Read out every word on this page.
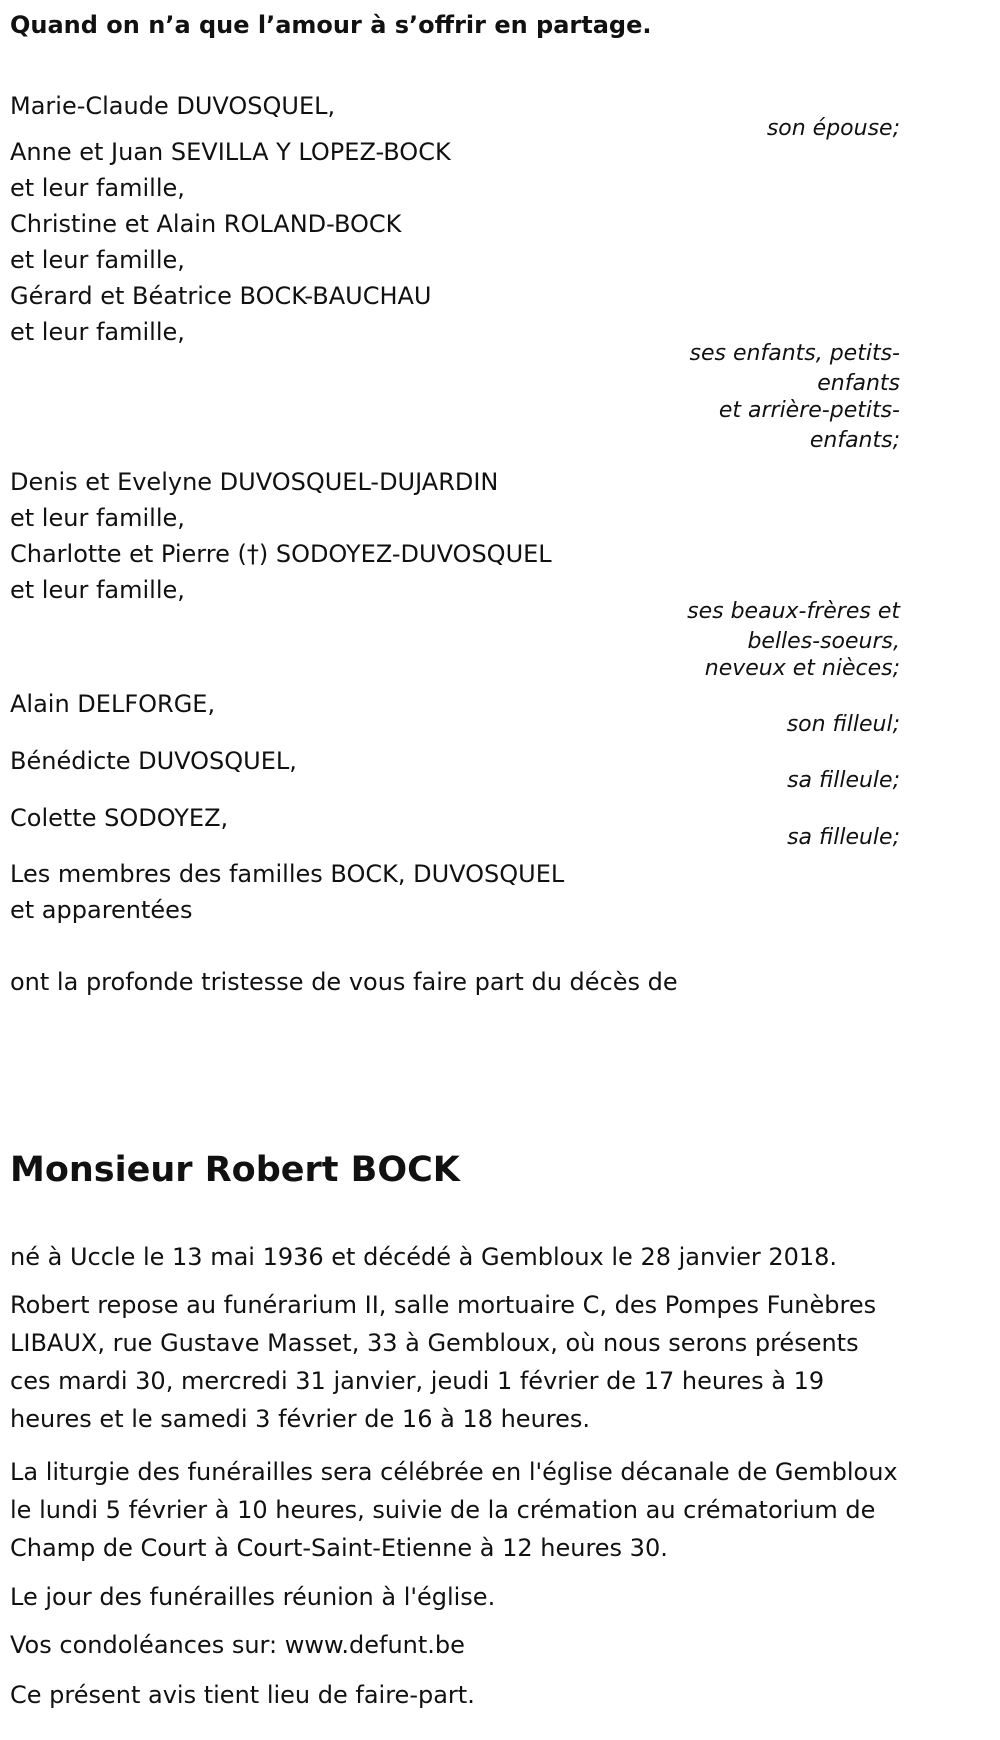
Quand on n’a que l’amour à s’offrir en partage.
Marie-Claude DUVOSQUEL,
son épouse;
Anne et Juan SEVILLA Y LOPEZ-BOCK
et leur famille,
Christine et Alain ROLAND-BOCK
et leur famille,
Gérard et Béatrice BOCK-BAUCHAU
et leur famille,
ses enfants, petits-enfants
et arrière-petits-enfants;
Denis et Evelyne DUVOSQUEL-DUJARDIN
et leur famille,
Charlotte et Pierre (†) SODOYEZ-DUVOSQUEL
et leur famille,
ses beaux-frères et belles-soeurs,
neveux et nièces;
Alain DELFORGE,
son filleul;
Bénédicte DUVOSQUEL,
sa filleule;
Colette SODOYEZ,
sa filleule;
Les membres des familles BOCK, DUVOSQUEL
et apparentées
ont la profonde tristesse de vous faire part du décès de
Monsieur Robert BOCK
né à Uccle le 13 mai 1936 et décédé à Gembloux le 28 janvier 2018.
Robert repose au funérarium II, salle mortuaire C, des Pompes Funèbres LIBAUX, rue Gustave Masset, 33 à Gembloux, où nous serons présents ces mardi 30, mercredi 31 janvier, jeudi 1 février de 17 heures à 19 heures et le samedi 3 février de 16 à 18 heures.
La liturgie des funérailles sera célébrée en l'église décanale de Gembloux le lundi 5 février à 10 heures, suivie de la crémation au crématorium de Champ de Court à Court-Saint-Etienne à 12 heures 30.
Le jour des funérailles réunion à l'église.
Vos condoléances sur: www.defunt.be
Ce présent avis tient lieu de faire-part.
